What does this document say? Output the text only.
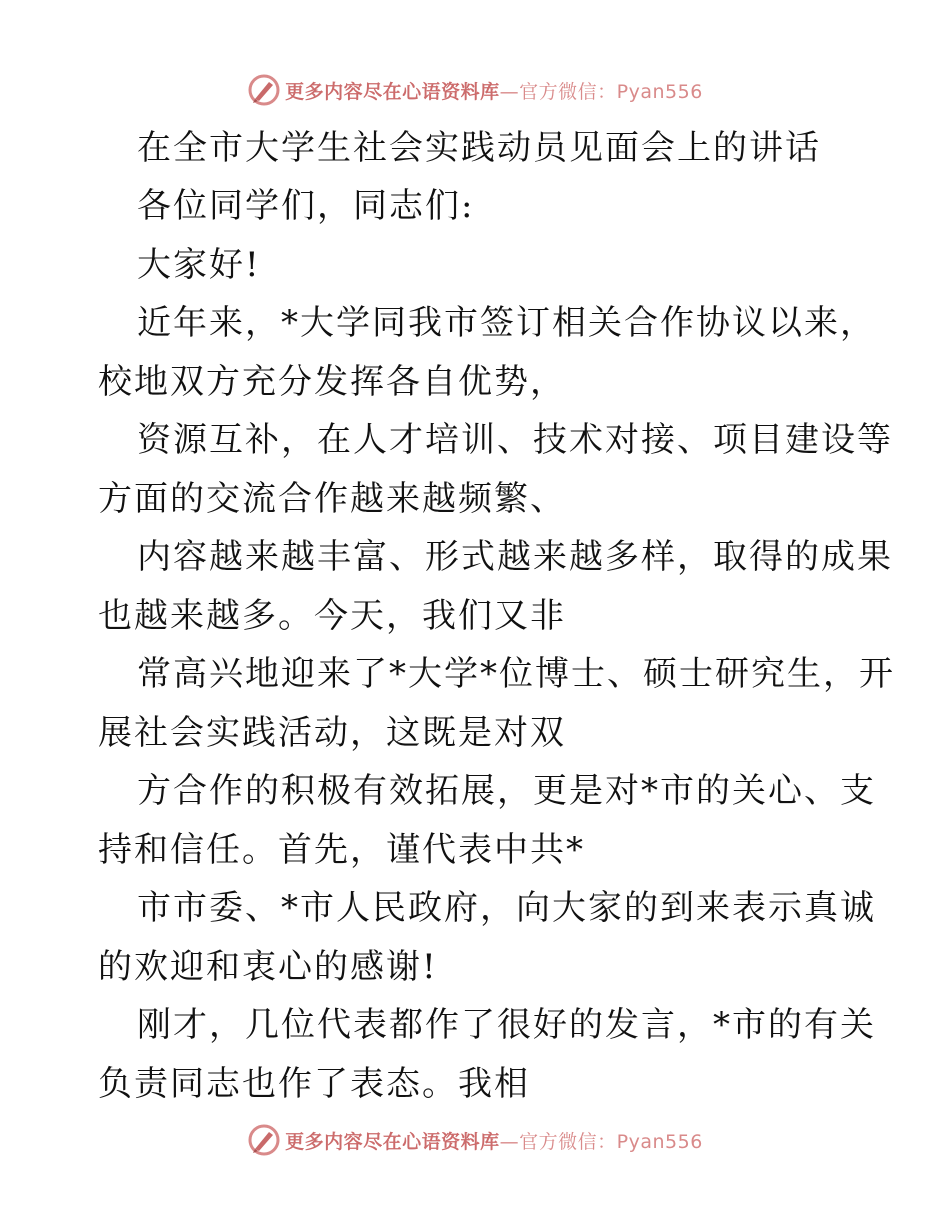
更多内容尽在心语资料库—官方微信：Pyan556
在全市大学生社会实践动员见面会上的讲话
各位同学们，同志们:
大家好!
近年来，*大学同我市签订相关合作协议以来，
校地双方充分发挥各自优势，
资源互补，在人才培训、技术对接、项目建设等
方面的交流合作越来越频繁、
内容越来越丰富、形式越来越多样，取得的成果
也越来越多。今天，我们又非
常高兴地迎来了*大学*位博士、硕士研究生，开
展社会实践活动，这既是对双
方合作的积极有效拓展，更是对*市的关心、支
持和信任。首先，谨代表中共*
市市委、*市人民政府，向大家的到来表示真诚
的欢迎和衷心的感谢!
刚才，几位代表都作了很好的发言，*市的有关
负责同志也作了表态。我相
更多内容尽在心语资料库—官方微信：Pyan556
